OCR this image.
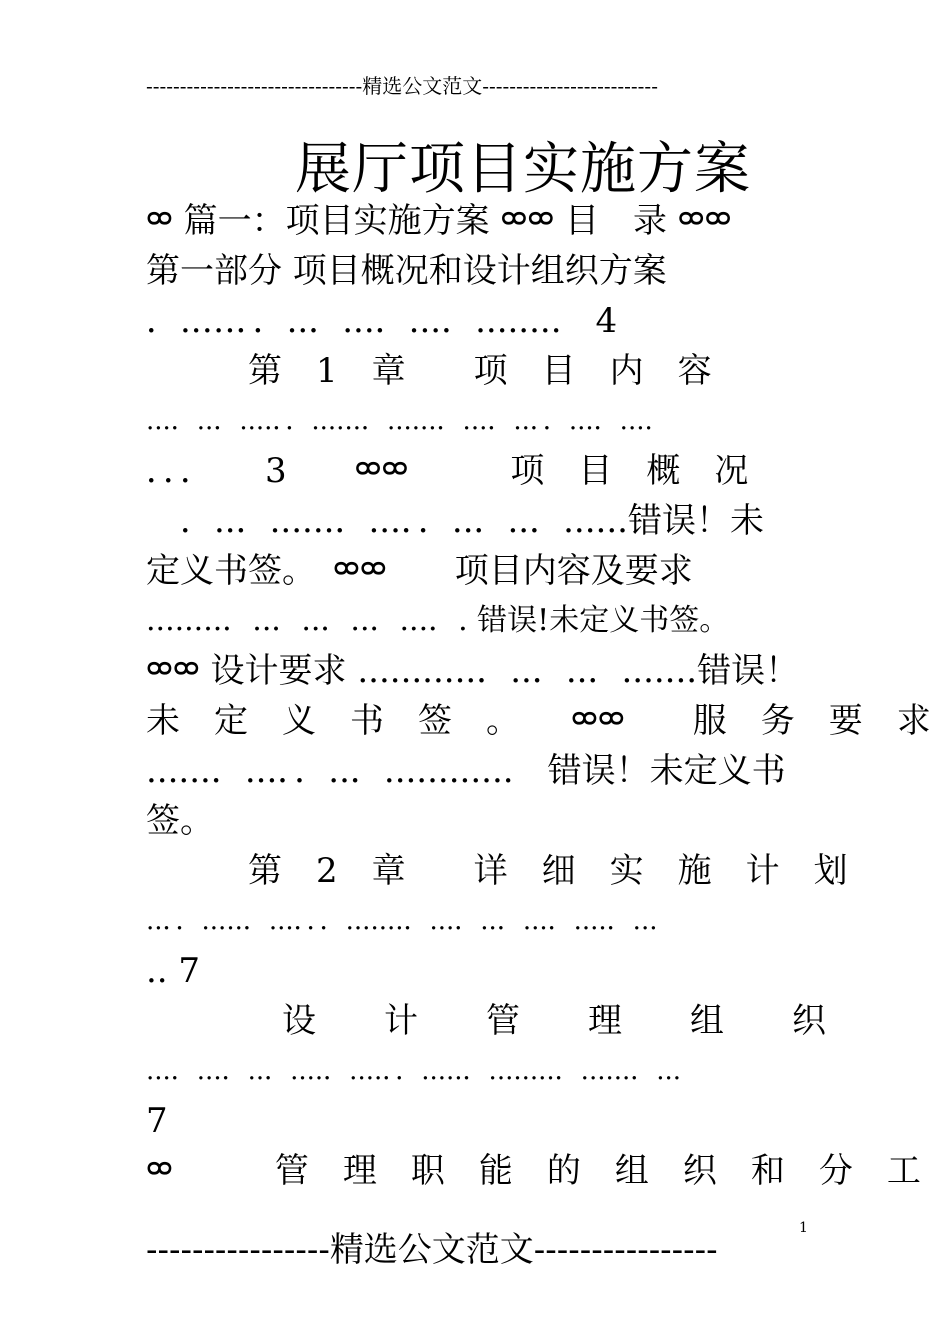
--------------------------------精选公文范文--------------------------
展厅项目实施方案
ᢁ 篇一：项目实施方案 ᢁᢁ 目　录 ᢁᢁ
第一部分 项目概况和设计组织方案
．..…．．..．...．...．........　4
　　　第　1　章　　项　目　内　容
...．..．....．．......．......．...．..．．...．....
．．．　　3　　ᢁᢁ　　　项　目　概　况
　．..．......．...．．..．..．......错误！未
定义书签。　ᢁᢁ　　项目内容及要求
........．..．..．..．...．. 错误!未定义书签。
ᢁᢁ 设计要求 ...........．..．..．.......错误！
未　定　义　书　签　。　　ᢁᢁ　　服　务　要　求
......．...．．..．............　错误！未定义书
签。
　　　第　2　章　　详　细　实　施　计　划
..．．.....．...．．．.......．...．..．...．....．...
.. 7
　　　　设　　计　　管　　理　　组　　织
...．...．..．....．....．．.....．........．......．...
7
ᢁ　　　管　理　职　能　的　组　织　和　分　工
----------------精选公文范文----------------
1
